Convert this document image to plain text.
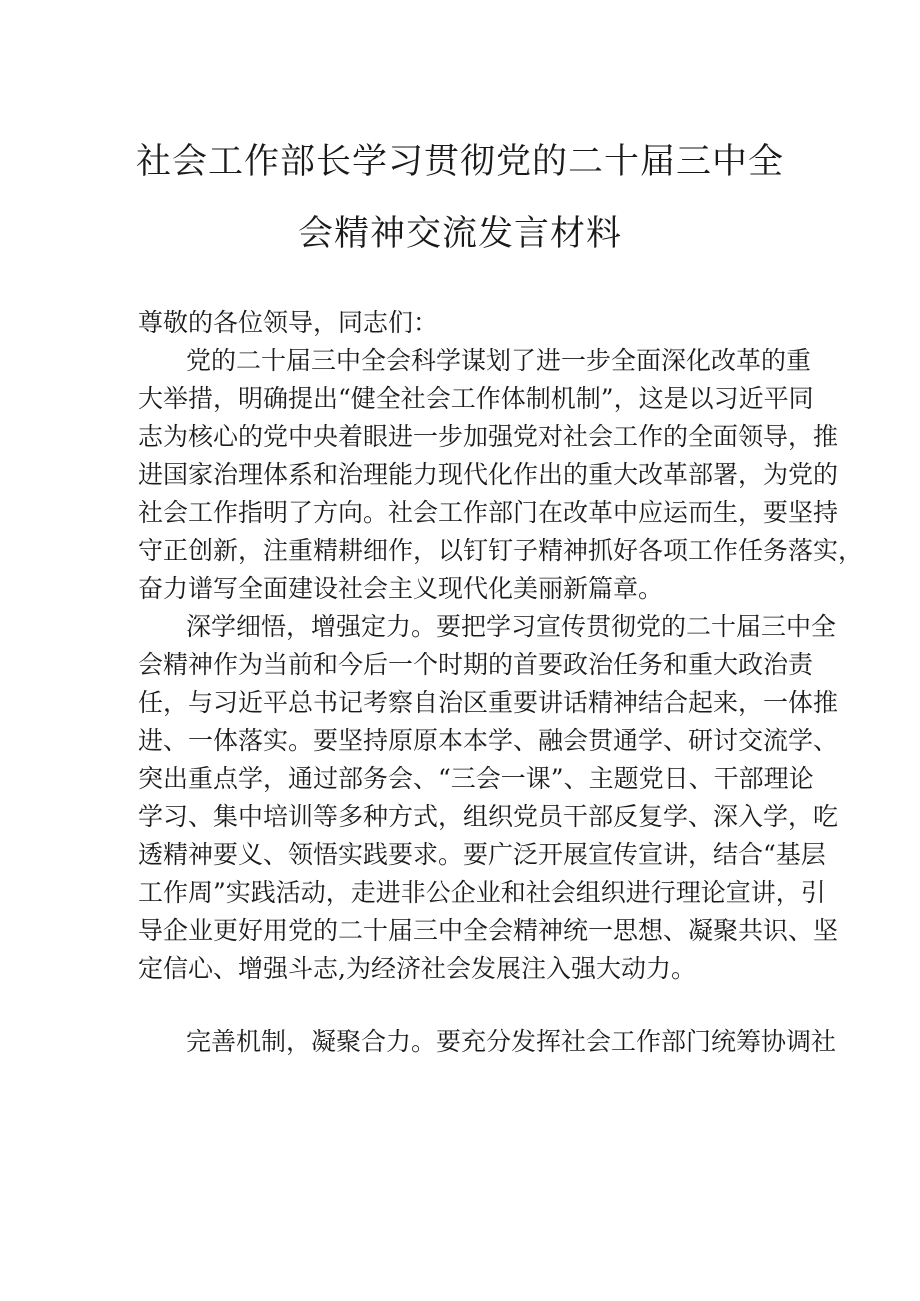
社会工作部长学习贯彻党的二十届三中全
会精神交流发言材料
尊敬的各位领导，同志们：
党的二十届三中全会科学谋划了进一步全面深化改革的重
大举措，明确提出“健全社会工作体制机制”，这是以习近平同
志为核心的党中央着眼进一步加强党对社会工作的全面领导，推
进国家治理体系和治理能力现代化作出的重大改革部署，为党的
社会工作指明了方向。社会工作部门在改革中应运而生，要坚持
守正创新，注重精耕细作，以钉钉子精神抓好各项工作任务落实，
奋力谱写全面建设社会主义现代化美丽新篇章。
深学细悟，增强定力。要把学习宣传贯彻党的二十届三中全
会精神作为当前和今后一个时期的首要政治任务和重大政治责
任，与习近平总书记考察自治区重要讲话精神结合起来，一体推
进、一体落实。要坚持原原本本学、融会贯通学、研讨交流学、
突出重点学，通过部务会、“三会一课”、主题党日、干部理论
学习、集中培训等多种方式，组织党员干部反复学、深入学，吃
透精神要义、领悟实践要求。要广泛开展宣传宣讲，结合“基层
工作周”实践活动，走进非公企业和社会组织进行理论宣讲，引
导企业更好用党的二十届三中全会精神统一思想、凝聚共识、坚
定信心、增强斗志,为经济社会发展注入强大动力。
完善机制，凝聚合力。要充分发挥社会工作部门统筹协调社
